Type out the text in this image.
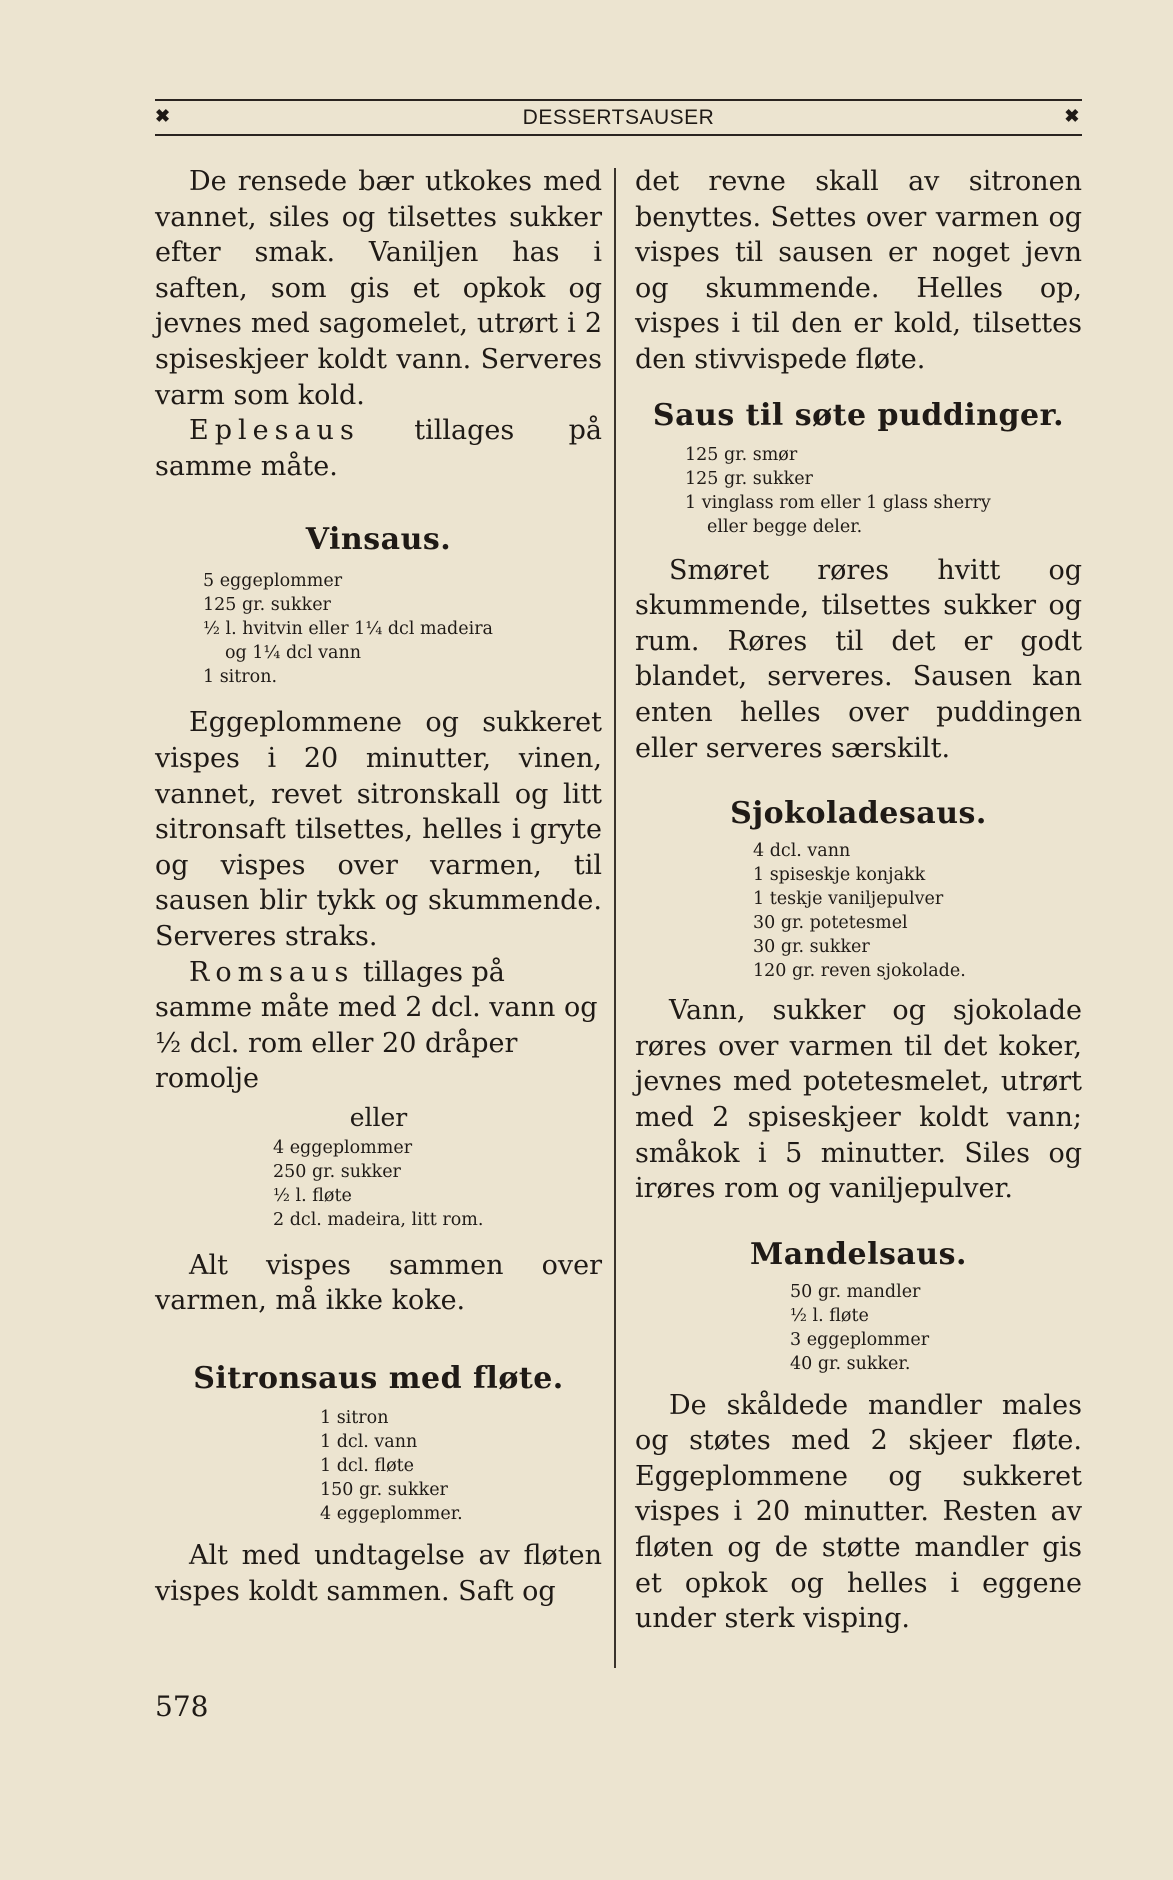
✖	DESSERTSAUSER	✖

De rensede bær utkokes med vannet, siles og tilsettes sukker efter smak. Vaniljen has i saften, som gis et opkok og jevnes med sagomelet, utrørt i 2 spiseskjeer koldt vann. Serveres varm som kold.

Eplesaus tillages på samme måte.

Vinsaus.
5 eggeplommer
125 gr. sukker
½ l. hvitvin eller 1¼ dcl madeira
og 1¼ dcl vann
1 sitron.

Eggeplommene og sukkeret vispes i 20 minutter, vinen, vannet, revet sitronskall og litt sitronsaft tilsettes, helles i gryte og vispes over varmen, til sausen blir tykk og skummende. Serveres straks.

Romsaus tillages på samme måte med 2 dcl. vann og ½ dcl. rom eller 20 dråper romolje

eller

4 eggeplommer
250 gr. sukker
½ l. fløte
2 dcl. madeira, litt rom.

Alt vispes sammen over varmen, må ikke koke.

Sitronsaus med fløte.
1 sitron
1 dcl. vann
1 dcl. fløte
150 gr. sukker
4 eggeplommer.

Alt med undtagelse av fløten vispes koldt sammen. Saft og

det revne skall av sitronen benyttes. Settes over varmen og vispes til sausen er noget jevn og skummende. Helles op, vispes i til den er kold, tilsettes den stivvispede fløte.

Saus til søte puddinger.
125 gr. smør
125 gr. sukker
1 vinglass rom eller 1 glass sherry
eller begge deler.

Smøret røres hvitt og skummende, tilsettes sukker og rum. Røres til det er godt blandet, serveres. Sausen kan enten helles over puddingen eller serveres særskilt.

Sjokoladesaus.
4 dcl. vann
1 spiseskje konjakk
1 teskje vaniljepulver
30 gr. potetesmel
30 gr. sukker
120 gr. reven sjokolade.

Vann, sukker og sjokolade røres over varmen til det koker, jevnes med potetesmelet, utrørt med 2 spiseskjeer koldt vann; småkok i 5 minutter. Siles og irøres rom og vaniljepulver.

Mandelsaus.
50 gr. mandler
½ l. fløte
3 eggeplommer
40 gr. sukker.

De skåldede mandler males og støtes med 2 skjeer fløte. Eggeplommene og sukkeret vispes i 20 minutter. Resten av fløten og de støtte mandler gis et opkok og helles i eggene under sterk visping.

578
